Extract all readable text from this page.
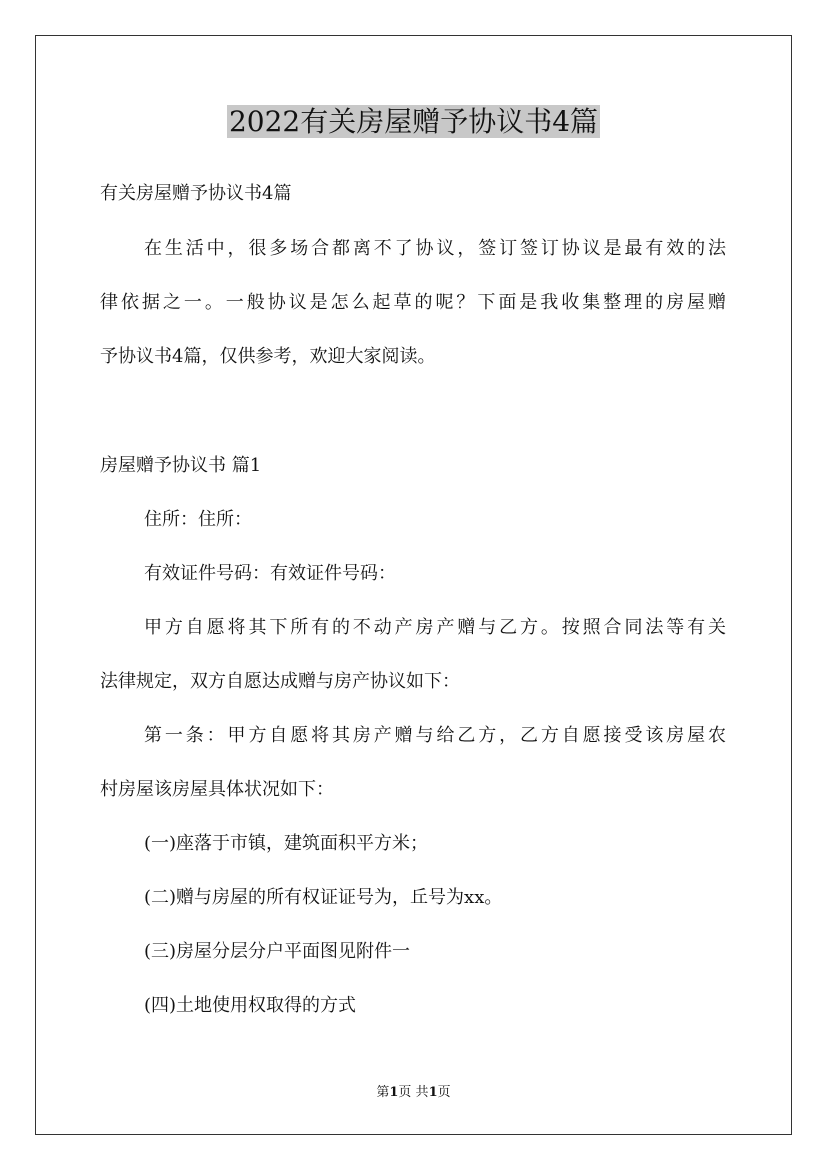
2022有关房屋赠予协议书4篇
有关房屋赠予协议书4篇
在生活中，很多场合都离不了协议，签订签订协议是最有效的法
律依据之一。一般协议是怎么起草的呢？下面是我收集整理的房屋赠
予协议书4篇，仅供参考，欢迎大家阅读。
房屋赠予协议书 篇1
住所：住所：
有效证件号码：有效证件号码：
甲方自愿将其下所有的不动产房产赠与乙方。按照合同法等有关
法律规定，双方自愿达成赠与房产协议如下：
第一条：甲方自愿将其房产赠与给乙方，乙方自愿接受该房屋农
村房屋该房屋具体状况如下：
(一)座落于市镇，建筑面积平方米；
(二)赠与房屋的所有权证证号为，丘号为xx。
(三)房屋分层分户平面图见附件一
(四)土地使用权取得的方式
第1页 共1页
